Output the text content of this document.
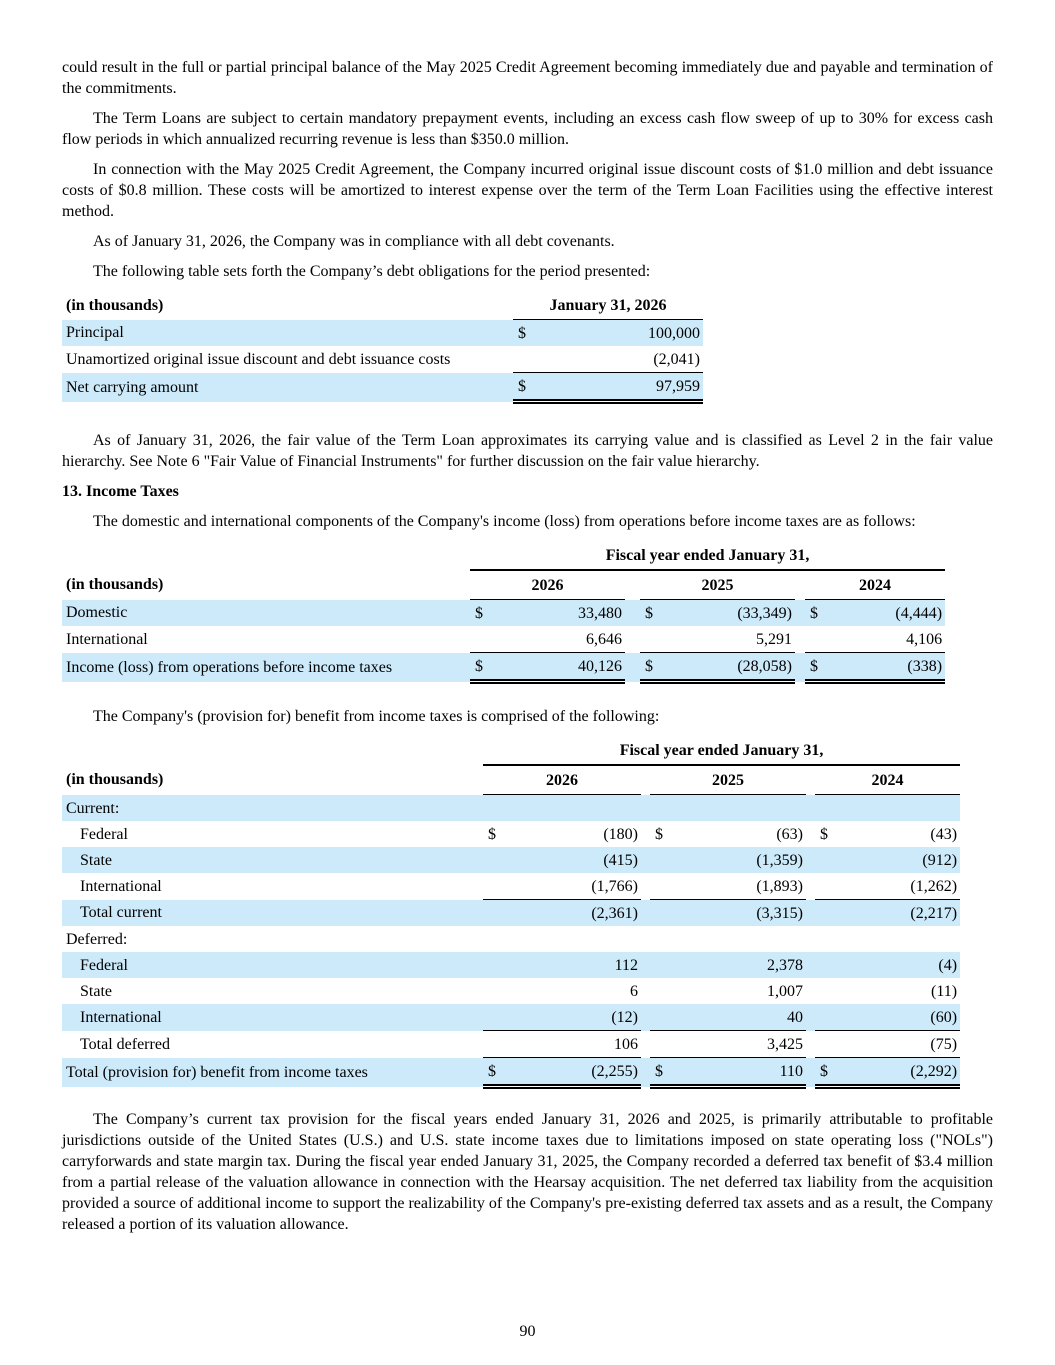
could result in the full or partial principal balance of the May 2025 Credit Agreement becoming immediately due and payable and termination of the commitments.

The Term Loans are subject to certain mandatory prepayment events, including an excess cash flow sweep of up to 30% for excess cash flow periods in which annualized recurring revenue is less than $350.0 million.

In connection with the May 2025 Credit Agreement, the Company incurred original issue discount costs of $1.0 million and debt issuance costs of $0.8 million. These costs will be amortized to interest expense over the term of the Term Loan Facilities using the effective interest method.

As of January 31, 2026, the Company was in compliance with all debt covenants.

The following table sets forth the Company’s debt obligations for the period presented:

(in thousands)	January 31, 2026	
Principal	$	100,000
Unamortized original issue discount and debt issuance costs		(2,041)
Net carrying amount	$	97,959

As of January 31, 2026, the fair value of the Term Loan approximates its carrying value and is classified as Level 2 in the fair value hierarchy. See Note 6 "Fair Value of Financial Instruments" for further discussion on the fair value hierarchy.

13. Income Taxes

The domestic and international components of the Company's income (loss) from operations before income taxes are as follows:

	Fiscal year ended January 31,							
(in thousands)	2026			2025			2024	
Domestic	$	33,480		$	(33,349)		$	(4,444)
International		6,646			5,291			4,106
Income (loss) from operations before income taxes	$	40,126		$	(28,058)		$	(338)

The Company's (provision for) benefit from income taxes is comprised of the following:

	Fiscal year ended January 31,							
(in thousands)	2026			2025			2024	
Current:								
Federal	$	(180)		$	(63)		$	(43)
State		(415)			(1,359)			(912)
International		(1,766)			(1,893)			(1,262)
Total current		(2,361)			(3,315)			(2,217)
Deferred:								
Federal		112			2,378			(4)
State		6			1,007			(11)
International		(12)			40			(60)
Total deferred		106			3,425			(75)
Total (provision for) benefit from income taxes	$	(2,255)		$	110		$	(2,292)

The Company’s current tax provision for the fiscal years ended January 31, 2026 and 2025, is primarily attributable to profitable jurisdictions outside of the United States (U.S.) and U.S. state income taxes due to limitations imposed on state operating loss ("NOLs") carryforwards and state margin tax. During the fiscal year ended January 31, 2025, the Company recorded a deferred tax benefit of $3.4 million from a partial release of the valuation allowance in connection with the Hearsay acquisition. The net deferred tax liability from the acquisition provided a source of additional income to support the realizability of the Company's pre-existing deferred tax assets and as a result, the Company released a portion of its valuation allowance.

90
